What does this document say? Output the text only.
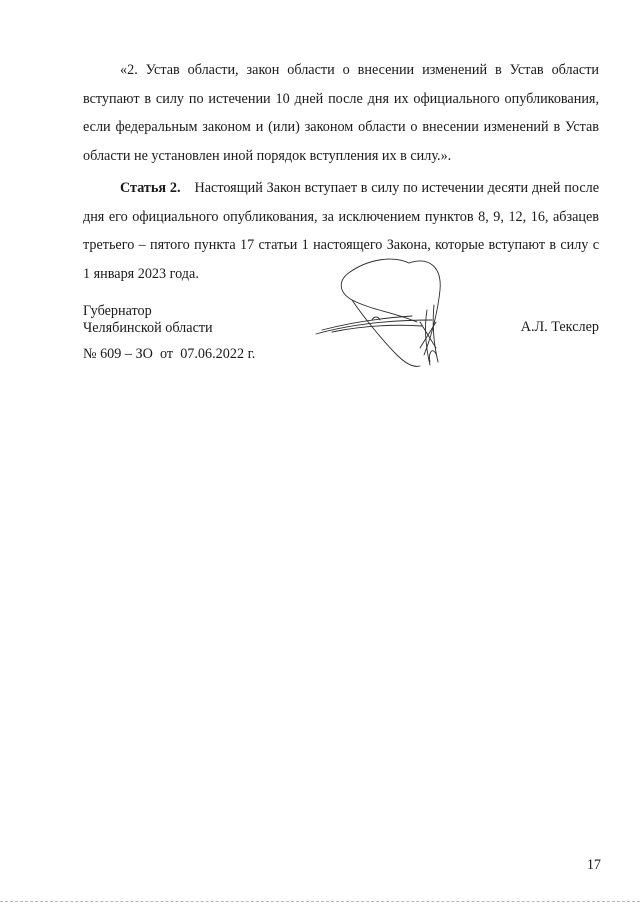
«2. Устав области, закон области о внесении изменений в Устав области вступают в силу по истечении 10 дней после дня их официального опубликования, если федеральным законом и (или) законом области о внесении изменений в Устав области не установлен иной порядок вступления их в силу.».

Статья 2. Настоящий Закон вступает в силу по истечении десяти дней после дня его официального опубликования, за исключением пунктов 8, 9, 12, 16, абзацев третьего – пятого пункта 17 статьи 1 настоящего Закона, которые вступают в силу с 1 января 2023 года.

Губернатор
Челябинской области	А.Л. Текслер
№ 609 – ЗО  от  07.06.2022 г.
17
